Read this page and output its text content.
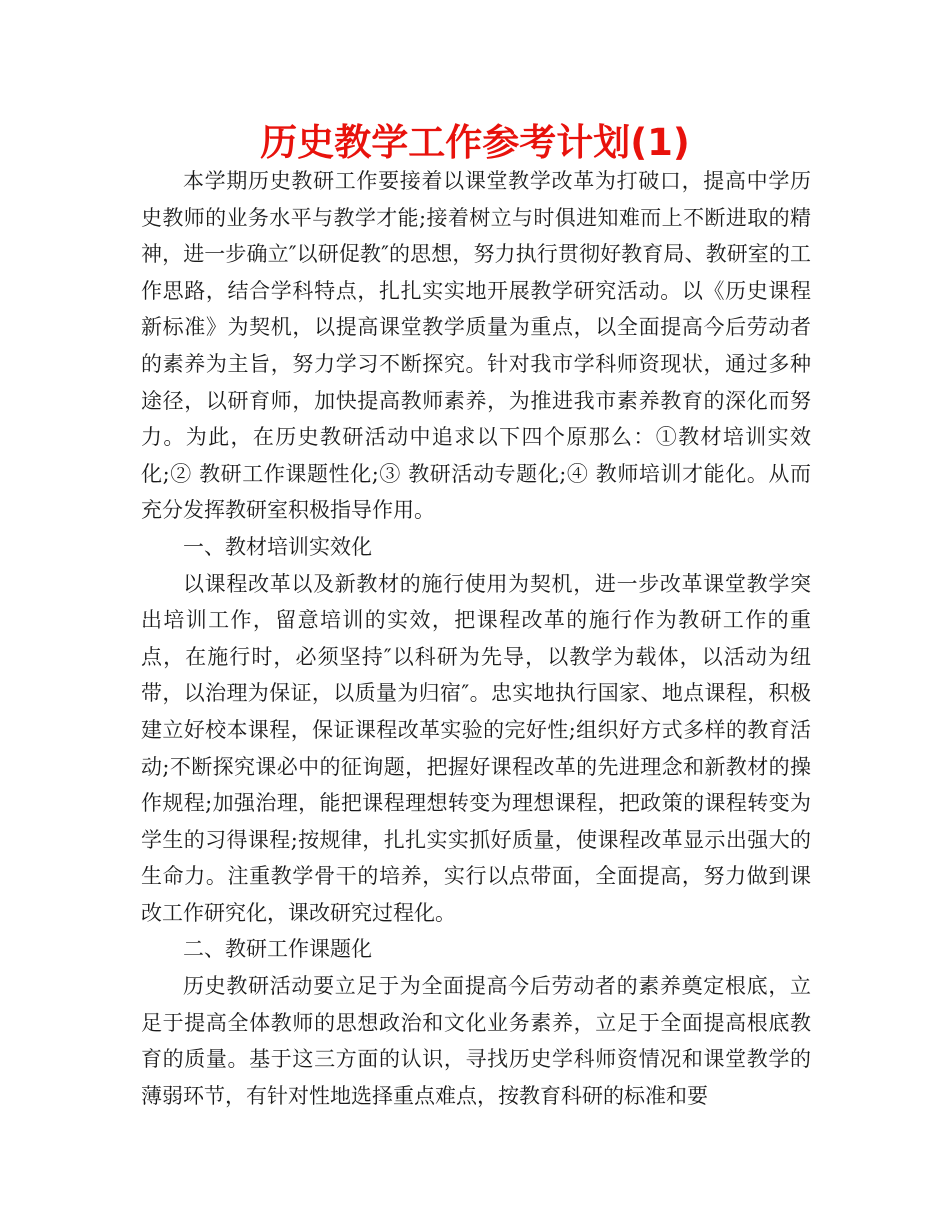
历史教学工作参考计划(1)

本学期历史教研工作要接着以课堂教学改革为打破口，提高中学历史教师的业务水平与教学才能;接着树立与时俱进知难而上不断进取的精神，进一步确立″以研促教″的思想，努力执行贯彻好教育局、教研室的工作思路，结合学科特点，扎扎实实地开展教学研究活动。以《历史课程新标准》为契机，以提高课堂教学质量为重点，以全面提高今后劳动者的素养为主旨，努力学习不断探究。针对我市学科师资现状，通过多种途径，以研育师，加快提高教师素养，为推进我市素养教育的深化而努力。为此，在历史教研活动中追求以下四个原那么：①教材培训实效化;② 教研工作课题性化;③ 教研活动专题化;④ 教师培训才能化。从而充分发挥教研室积极指导作用。

一、教材培训实效化

以课程改革以及新教材的施行使用为契机，进一步改革课堂教学突出培训工作，留意培训的实效，把课程改革的施行作为教研工作的重点，在施行时，必须坚持″以科研为先导，以教学为载体，以活动为纽带，以治理为保证，以质量为归宿″。忠实地执行国家、地点课程，积极建立好校本课程，保证课程改革实验的完好性;组织好方式多样的教育活动;不断探究课必中的征询题，把握好课程改革的先进理念和新教材的操作规程;加强治理，能把课程理想转变为理想课程，把政策的课程转变为学生的习得课程;按规律，扎扎实实抓好质量，使课程改革显示出强大的生命力。注重教学骨干的培养，实行以点带面，全面提高，努力做到课改工作研究化，课改研究过程化。

二、教研工作课题化

历史教研活动要立足于为全面提高今后劳动者的素养奠定根底，立足于提高全体教师的思想政治和文化业务素养，立足于全面提高根底教育的质量。基于这三方面的认识，寻找历史学科师资情况和课堂教学的薄弱环节，有针对性地选择重点难点，按教育科研的标准和要
